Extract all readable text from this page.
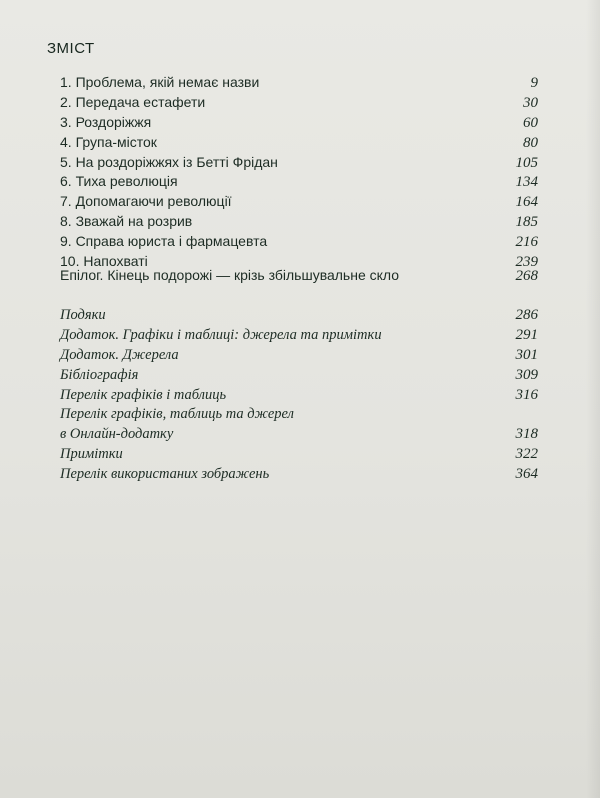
ЗМІСТ
1. Проблема, якій немає назви	9
2. Передача естафети	30
3. Роздоріжжя	60
4. Група-місток	80
5. На роздоріжжях із Бетті Фрідан	105
6. Тиха революція	134
7. Допомагаючи революції	164
8. Зважай на розрив	185
9. Справа юриста і фармацевта	216
10. Напохваті	239
Епілог. Кінець подорожі — крізь збільшувальне скло	268
Подяки	286
Додаток. Графіки і таблиці: джерела та примітки	291
Додаток. Джерела	301
Бібліографія	309
Перелік графіків і таблиць	316
Перелік графіків, таблиць та джерел
в Онлайн-додатку	318
Примітки	322
Перелік використаних зображень	364
